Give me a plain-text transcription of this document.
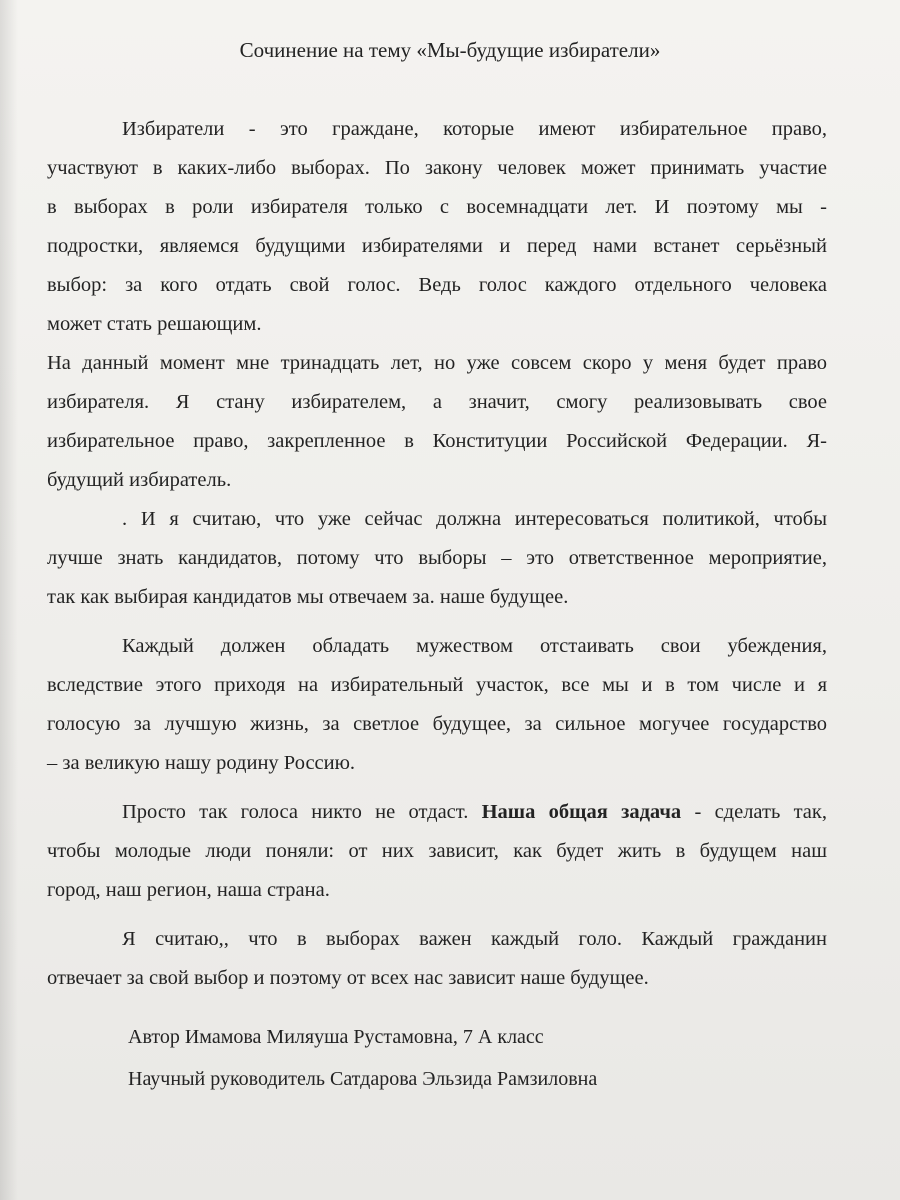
Сочинение на тему «Мы-будущие избиратели»
Избиратели - это граждане, которые имеют избирательное право,
участвуют в каких-либо выборах. По закону человек может принимать участие
в выборах в роли избирателя только с восемнадцати лет. И поэтому мы -
подростки, являемся будущими избирателями и перед нами встанет серьёзный
выбор: за кого отдать свой голос. Ведь голос каждого отдельного человека
может стать решающим.
На данный момент мне тринадцать лет, но уже совсем скоро у меня будет право
избирателя. Я стану избирателем, а значит, смогу реализовывать свое
избирательное право, закрепленное в Конституции Российской Федерации. Я-
будущий избиратель.
. И я считаю, что уже сейчас должна интересоваться политикой, чтобы
лучше знать кандидатов, потому что выборы – это ответственное мероприятие,
так как выбирая кандидатов мы отвечаем за. наше будущее.
Каждый должен обладать мужеством отстаивать свои убеждения,
вследствие этого приходя на избирательный участок, все мы и в том числе и я
голосую за лучшую жизнь, за светлое будущее, за сильное могучее государство
– за великую нашу родину Россию.
Просто так голоса никто не отдаст. Наша общая задача - сделать так,
чтобы молодые люди поняли: от них зависит, как будет жить в будущем наш
город, наш регион, наша страна.
Я считаю,, что в выборах важен каждый голо. Каждый гражданин
отвечает за свой выбор и поэтому от всех нас зависит наше будущее.
Автор Имамова Миляуша Рустамовна, 7 А класс
Научный руководитель Сатдарова Эльзида Рамзиловна
